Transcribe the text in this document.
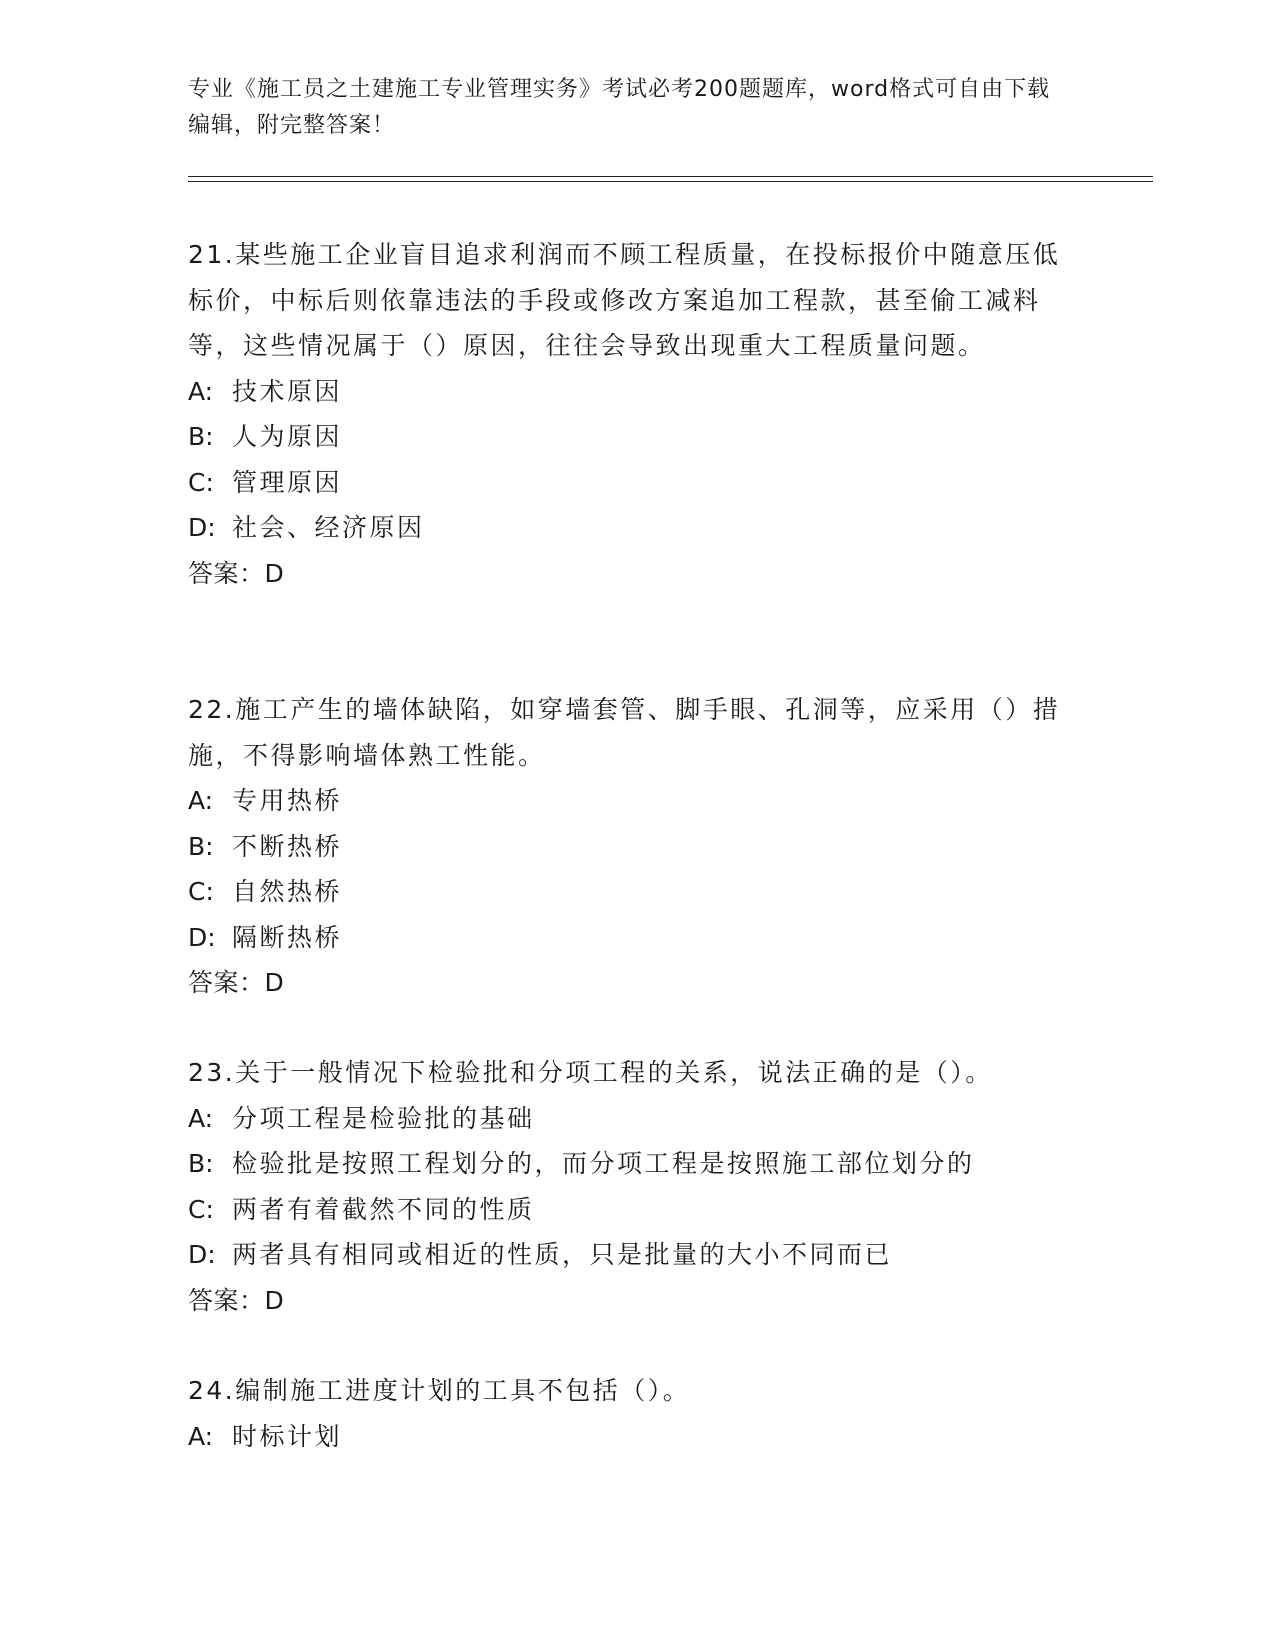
专业《施工员之土建施工专业管理实务》考试必考200题题库，word格式可自由下载编辑，附完整答案！

21.某些施工企业盲目追求利润而不顾工程质量，在投标报价中随意压低标价，中标后则依靠违法的手段或修改方案追加工程款，甚至偷工减料等，这些情况属于（）原因，往往会导致出现重大工程质量问题。

A: 技术原因

B: 人为原因

C: 管理原因

D: 社会、经济原因

答案：D

22.施工产生的墙体缺陷，如穿墙套管、脚手眼、孔洞等，应采用（）措施，不得影响墙体熟工性能。

A: 专用热桥

B: 不断热桥

C: 自然热桥

D: 隔断热桥

答案：D

23.关于一般情况下检验批和分项工程的关系，说法正确的是（）。

A: 分项工程是检验批的基础

B: 检验批是按照工程划分的，而分项工程是按照施工部位划分的

C: 两者有着截然不同的性质

D: 两者具有相同或相近的性质，只是批量的大小不同而已

答案：D

24.编制施工进度计划的工具不包括（）。

A: 时标计划
